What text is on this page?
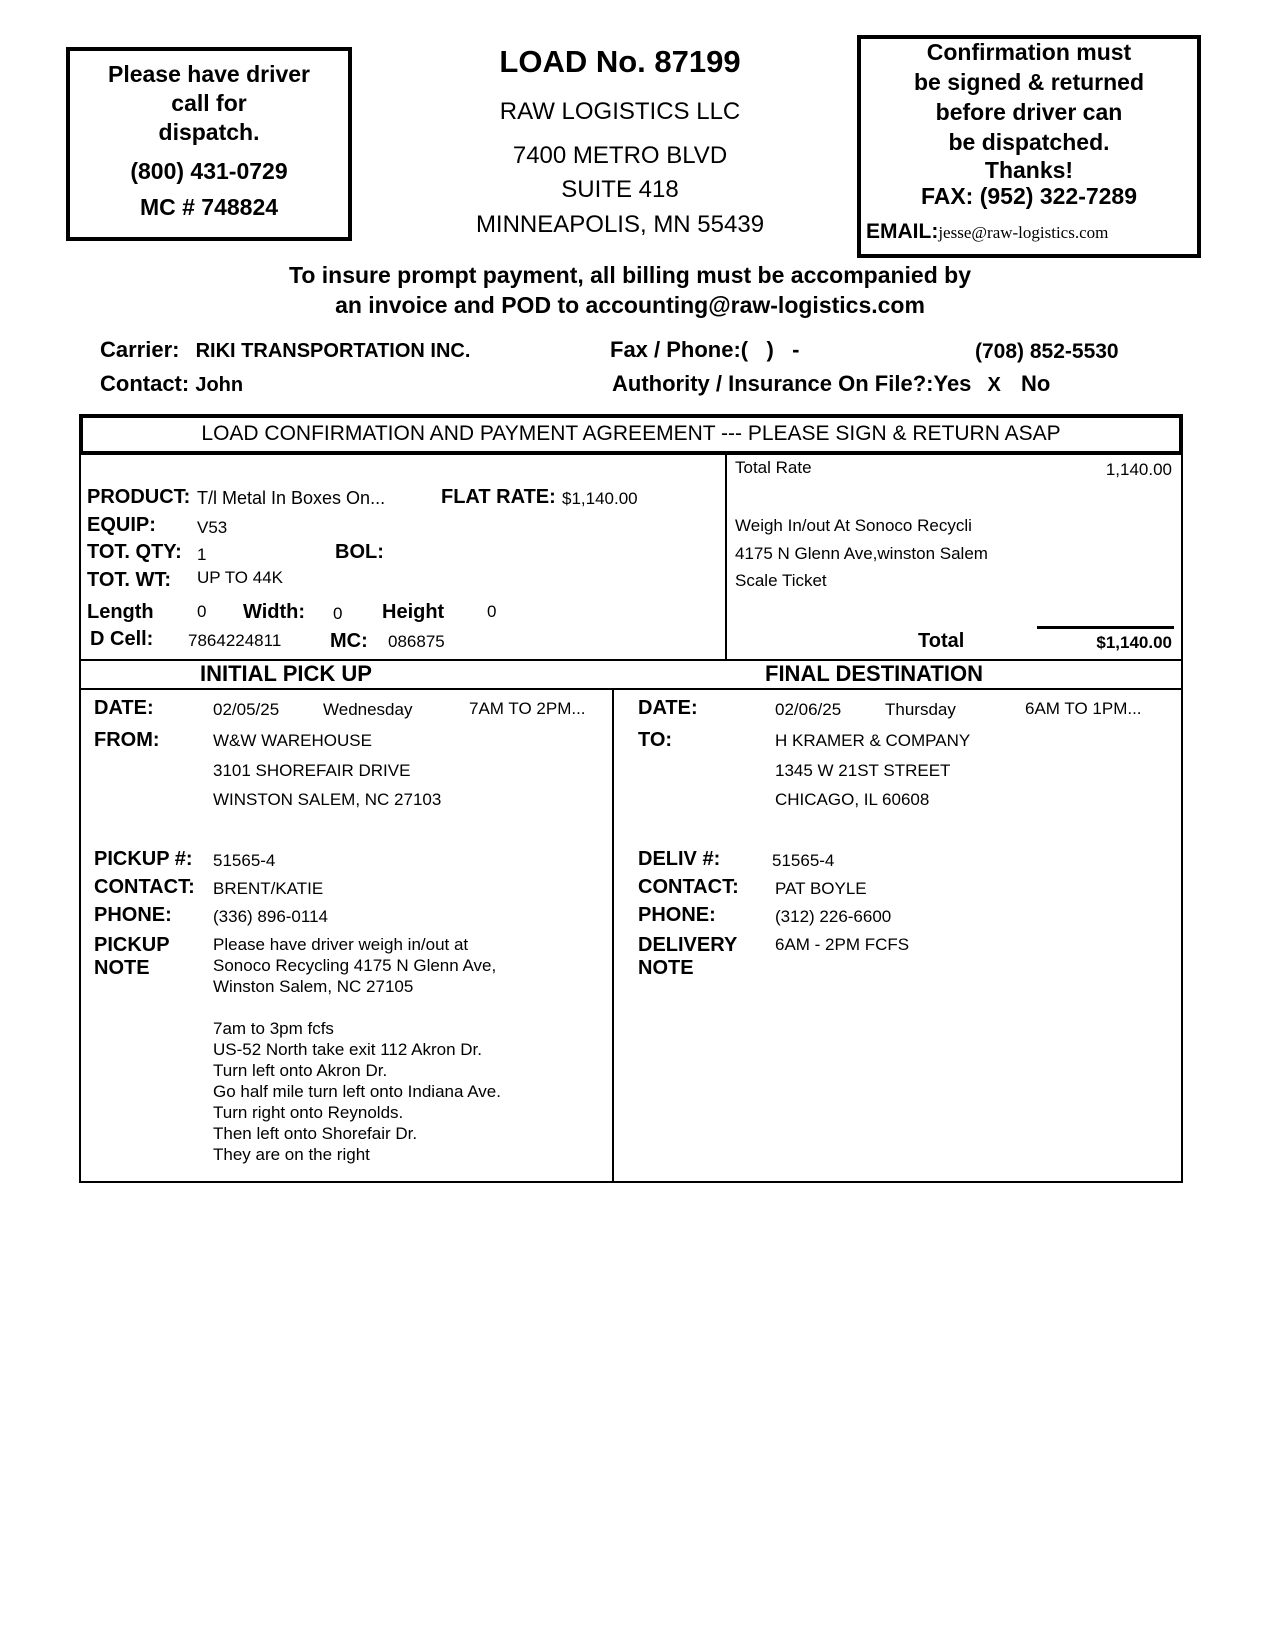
Please have driver
call for
dispatch.
(800) 431-0729
MC # 748824
LOAD No. 87199
RAW LOGISTICS LLC
7400 METRO BLVD
SUITE 418
MINNEAPOLIS, MN 55439
Confirmation must
be signed & returned
before driver can
be dispatched.
Thanks!
FAX: (952) 322-7289
EMAIL:jesse@raw-logistics.com
To insure prompt payment, all billing must be accompanied by
an invoice and POD to accounting@raw-logistics.com
Carrier: RIKI TRANSPORTATION INC.	Fax / Phone:(   )   -	(708) 852-5530
Contact: John	Authority / Insurance On File?:Yes X No
LOAD CONFIRMATION AND PAYMENT AGREEMENT --- PLEASE SIGN & RETURN ASAP
PRODUCT: T/l Metal In Boxes On...	FLAT RATE: $1,140.00
EQUIP: V53
TOT. QTY: 1	BOL:
TOT. WT: UP TO 44K
Length	0 Width: 0 Height	0
D Cell: 7864224811 MC: 086875
Total Rate	1,140.00
Weigh In/out At Sonoco Recycli
4175 N Glenn Ave,winston Salem
Scale Ticket
Total	$1,140.00
INITIAL PICK UP	FINAL DESTINATION
DATE:	02/05/25	Wednesday	7AM TO 2PM...
FROM:	W&W WAREHOUSE
3101 SHOREFAIR DRIVE
WINSTON SALEM, NC 27103
PICKUP #: 51565-4
CONTACT: BRENT/KATIE
PHONE: (336) 896-0114
PICKUP
NOTE
Please have driver weigh in/out at
Sonoco Recycling 4175 N Glenn Ave,
Winston Salem, NC 27105
7am to 3pm fcfs
US-52 North take exit 112 Akron Dr.
Turn left onto Akron Dr.
Go half mile turn left onto Indiana Ave.
Turn right onto Reynolds.
Then left onto Shorefair Dr.
They are on the right
DATE:	02/06/25	Thursday	6AM TO 1PM...
TO:	H KRAMER & COMPANY
1345 W 21ST STREET
CHICAGO, IL 60608
DELIV #:	51565-4
CONTACT: PAT BOYLE
PHONE:	(312) 226-6600
DELIVERY
NOTE
6AM - 2PM FCFS
